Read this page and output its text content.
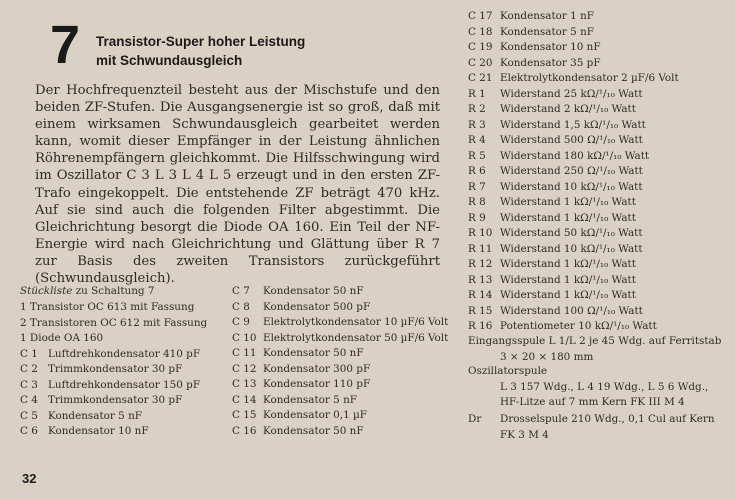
7 Transistor-Super hoher Leistung
mit Schwundausgleich

Der Hochfrequenzteil besteht aus der Mischstufe und den beiden ZF-Stufen. Die Ausgangsenergie ist so groß, daß mit einem wirksamen Schwundausgleich gearbeitet werden kann, womit dieser Empfänger in der Leistung ähnlichen Röhrenempfängern gleichkommt. Die Hilfsschwingung wird im Oszillator C 3 L 3 L 4 L 5 erzeugt und in den ersten ZF-Trafo eingekoppelt. Die entstehende ZF beträgt 470 kHz. Auf sie sind auch die folgenden Filter abgestimmt. Die Gleichrichtung besorgt die Diode OA 160. Ein Teil der NF-Energie wird nach Gleichrichtung und Glättung über R 7 zur Basis des zweiten Transistors zurückgeführt (Schwundausgleich).

Stückliste zu Schaltung 7
1 Transistor OC 613 mit Fassung
2 Transistoren OC 612 mit Fassung
1 Diode OA 160
C 1 Luftdrehkondensator 410 pF
C 2 Trimmkondensator 30 pF
C 3 Luftdrehkondensator 150 pF
C 4 Trimmkondensator 30 pF
C 5 Kondensator 5 nF
C 6 Kondensator 10 nF
C 7 Kondensator 50 nF
C 8 Kondensator 500 pF
C 9 Elektrolytkondensator 10 µF/6 Volt
C 10 Elektrolytkondensator 50 µF/6 Volt
C 11 Kondensator 50 nF
C 12 Kondensator 300 pF
C 13 Kondensator 110 pF
C 14 Kondensator 5 nF
C 15 Kondensator 0,1 µF
C 16 Kondensator 50 nF
C 17 Kondensator 1 nF
C 18 Kondensator 5 nF
C 19 Kondensator 10 nF
C 20 Kondensator 35 pF
C 21 Elektrolytkondensator 2 µF/6 Volt
R 1 Widerstand 25 kΩ/¹/₁₀ Watt
R 2 Widerstand 2 kΩ/¹/₁₀ Watt
R 3 Widerstand 1,5 kΩ/¹/₁₀ Watt
R 4 Widerstand 500 Ω/¹/₁₀ Watt
R 5 Widerstand 180 kΩ/¹/₁₀ Watt
R 6 Widerstand 250 Ω/¹/₁₀ Watt
R 7 Widerstand 10 kΩ/¹/₁₀ Watt
R 8 Widerstand 1 kΩ/¹/₁₀ Watt
R 9 Widerstand 1 kΩ/¹/₁₀ Watt
R 10 Widerstand 50 kΩ/¹/₁₀ Watt
R 11 Widerstand 10 kΩ/¹/₁₀ Watt
R 12 Widerstand 1 kΩ/¹/₁₀ Watt
R 13 Widerstand 1 kΩ/¹/₁₀ Watt
R 14 Widerstand 1 kΩ/¹/₁₀ Watt
R 15 Widerstand 100 Ω/¹/₁₀ Watt
R 16 Potentiometer 10 kΩ/¹/₁₀ Watt
Eingangsspule L 1/L 2 je 45 Wdg. auf Ferritstab
3 × 20 × 180 mm
Oszillatorspule
L 3 157 Wdg., L 4 19 Wdg., L 5 6 Wdg.,
HF-Litze auf 7 mm Kern FK III M 4
Dr	Drosselspule 210 Wdg., 0,1 Cul auf Kern
FK 3 M 4
32
